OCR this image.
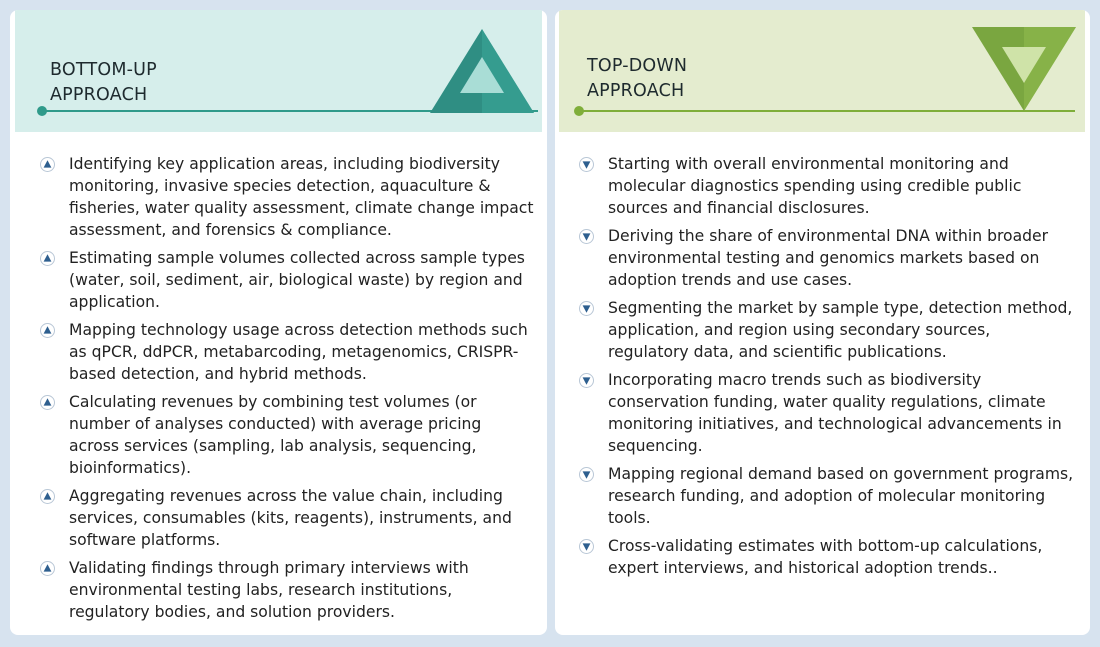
BOTTOM-UP
APPROACH
Identifying key application areas, including biodiversity monitoring, invasive species detection, aquaculture & fisheries, water quality assessment, climate change impact assessment, and forensics & compliance.
Estimating sample volumes collected across sample types (water, soil, sediment, air, biological waste) by region and application.
Mapping technology usage across detection methods such as qPCR, ddPCR, metabarcoding, metagenomics, CRISPR-based detection, and hybrid methods.
Calculating revenues by combining test volumes (or number of analyses conducted) with average pricing across services (sampling, lab analysis, sequencing, bioinformatics).
Aggregating revenues across the value chain, including services, consumables (kits, reagents), instruments, and software platforms.
Validating findings through primary interviews with environmental testing labs, research institutions, regulatory bodies, and solution providers.
TOP-DOWN
APPROACH
Starting with overall environmental monitoring and molecular diagnostics spending using credible public sources and financial disclosures.
Deriving the share of environmental DNA within broader environmental testing and genomics markets based on adoption trends and use cases.
Segmenting the market by sample type, detection method, application, and region using secondary sources, regulatory data, and scientific publications.
Incorporating macro trends such as biodiversity conservation funding, water quality regulations, climate monitoring initiatives, and technological advancements in sequencing.
Mapping regional demand based on government programs, research funding, and adoption of molecular monitoring tools.
Cross-validating estimates with bottom-up calculations, expert interviews, and historical adoption trends..
